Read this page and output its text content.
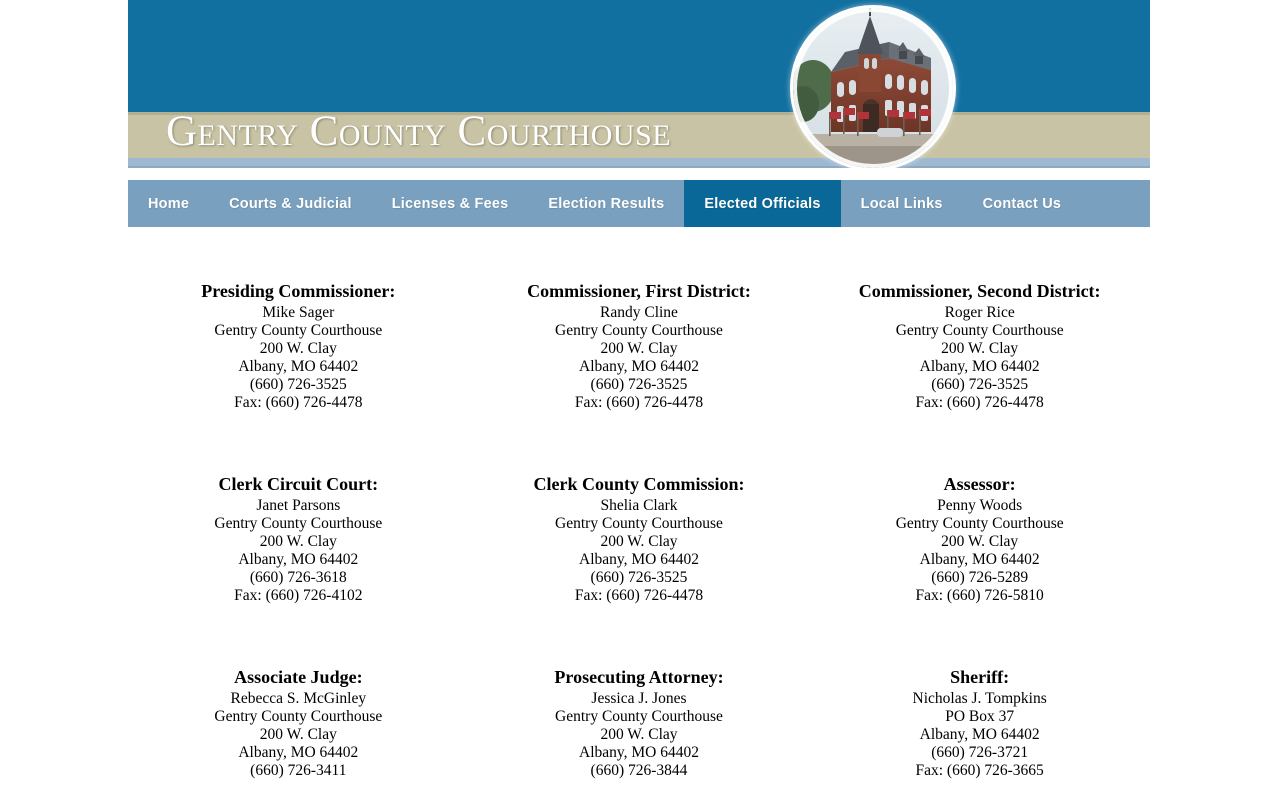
Gentry County Courthouse
Home	Courts & Judicial	Licenses & Fees	Election Results	Elected Officials	Local Links	Contact Us
Presiding Commissioner:
Mike Sager
Gentry County Courthouse
200 W. Clay
Albany, MO 64402
(660) 726-3525
Fax: (660) 726-4478
Commissioner, First District:
Randy Cline
Gentry County Courthouse
200 W. Clay
Albany, MO 64402
(660) 726-3525
Fax: (660) 726-4478
Commissioner, Second District:
Roger Rice
Gentry County Courthouse
200 W. Clay
Albany, MO 64402
(660) 726-3525
Fax: (660) 726-4478
Clerk Circuit Court:
Janet Parsons
Gentry County Courthouse
200 W. Clay
Albany, MO 64402
(660) 726-3618
Fax: (660) 726-4102
Clerk County Commission:
Shelia Clark
Gentry County Courthouse
200 W. Clay
Albany, MO 64402
(660) 726-3525
Fax: (660) 726-4478
Assessor:
Penny Woods
Gentry County Courthouse
200 W. Clay
Albany, MO 64402
(660) 726-5289
Fax: (660) 726-5810
Associate Judge:
Rebecca S. McGinley
Gentry County Courthouse
200 W. Clay
Albany, MO 64402
(660) 726-3411
Prosecuting Attorney:
Jessica J. Jones
Gentry County Courthouse
200 W. Clay
Albany, MO 64402
(660) 726-3844
Sheriff:
Nicholas J. Tompkins
PO Box 37
Albany, MO 64402
(660) 726-3721
Fax: (660) 726-3665
